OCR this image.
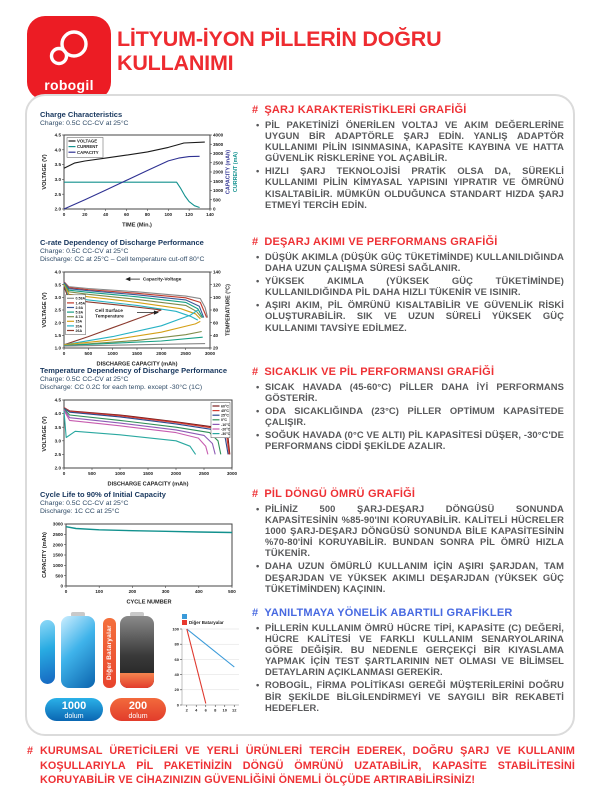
robogil
LİTYUM-İYON PİLLERİN DOĞRU
KULLANIMI
Charge Characteristics
Charge: 0.5C CC-CV at 25°C
0	20	40	60	80	100	120	140
2.0
2.5
3.0
3.5
4.0
4.5
0
500
1000
1500
2000
2500
3000
3500
4000
VOLTAGE (V)
TIME (Min.)
CAPACITY (mAh) CURRENT (mA)
VOLTAGE
CURRENT
CAPACITY
C-rate Dependency of Discharge Performance
Charge: 0.5C CC-CV at 25°C
Discharge: CC at 25°C – Cell temperature cut-off 80°C
0	500	1000	1500	2000	2500	3000
1.0
1.5
2.0
2.5
3.0
3.5
4.0
20
40
60
80
100
120
140
VOLTAGE (V)
DISCHARGE CAPACITY (mAh)
TEMPERATURE (°C)
0.58A
1.45A
2.9A
5.8A
8.7A
15A
20A
26A
Capacity-Voltage
Cell Surface
Temperature
Temperature Dependency of Discharge Performance
Charge: 0.5C CC-CV at 25°C
Discharge: CC 0.2C for each temp. except -30°C (1C)
0	500	1000	1500	2000	2500	3000
2.0
2.5
3.0
3.5
4.0
4.5
VOLTAGE (V)
DISCHARGE CAPACITY (mAh)
60°C
45°C
25°C
0°C
-10°C
-20°C
-30°C
Cycle Life to 90% of Initial Capacity
Charge: 0.5C CC-CV at 25°C
Discharge: 1C CC at 25°C
0	100	200	300	400	500
0
500
1000
1500
2000
2500
3000
CAPACITY (mAh)
CYCLE NUMBER
Diğer Bataryalar
1000
dolum
200
dolum
Diğer Bataryalar
2 4 6 8 10 12
0
20
40
60
80
100
# ŞARJ KARAKTERİSTİKLERİ GRAFİĞİ
• PİL PAKETİNİZİ ÖNERİLEN VOLTAJ VE AKIM DEĞERLERİNE UYGUN BİR ADAPTÖRLE ŞARJ EDİN. YANLIŞ ADAPTÖR KULLANIMI PİLİN ISINMASINA, KAPASİTE KAYBINA VE HATTA GÜVENLİK RİSKLERİNE YOL AÇABİLİR.
• HIZLI ŞARJ TEKNOLOJİSİ PRATİK OLSA DA, SÜREKLİ KULLANIMI PİLİN KİMYASAL YAPISINI YIPRATIR VE ÖMRÜNÜ KISALTABİLİR. MÜMKÜN OLDUĞUNCA STANDART HIZDA ŞARJ ETMEYİ TERCİH EDİN.
# DEŞARJ AKIMI VE PERFORMANS GRAFİĞİ
• DÜŞÜK AKIMLA (DÜŞÜK GÜÇ TÜKETİMİNDE) KULLANILDIĞINDA DAHA UZUN ÇALIŞMA SÜRESİ SAĞLANIR.
• YÜKSEK AKIMLA (YÜKSEK GÜÇ TÜKETİMİNDE) KULLANILDIĞINDA PİL DAHA HIZLI TÜKENİR VE ISINIR.
• AŞIRI AKIM, PİL ÖMRÜNÜ KISALTABİLİR VE GÜVENLİK RİSKİ OLUŞTURABİLİR. SIK VE UZUN SÜRELİ YÜKSEK GÜÇ KULLANIMI TAVSİYE EDİLMEZ.
# SICAKLIK VE PİL PERFORMANSI GRAFİĞİ
• SICAK HAVADA (45-60°C) PİLLER DAHA İYİ PERFORMANS GÖSTERİR.
• ODA SICAKLIĞINDA (23°C) PİLLER OPTİMUM KAPASİTEDE ÇALIŞIR.
• SOĞUK HAVADA (0°C VE ALTI) PİL KAPASİTESİ DÜŞER, -30°C'DE PERFORMANS CİDDİ ŞEKİLDE AZALIR.
# PİL DÖNGÜ ÖMRÜ GRAFİĞİ
• PİLİNİZ 500 ŞARJ-DEŞARJ DÖNGÜSÜ SONUNDA KAPASİTESİNİN %85-90'INI KORUYABİLİR. KALİTELİ HÜCRELER 1000 ŞARJ-DEŞARJ DÖNGÜSÜ SONUNDA BİLE KAPASİTESİNİN %70-80'İNİ KORUYABİLİR. BUNDAN SONRA PİL ÖMRÜ HIZLA TÜKENİR.
• DAHA UZUN ÖMÜRLÜ KULLANIM İÇİN AŞIRI ŞARJDAN, TAM DEŞARJDAN VE YÜKSEK AKIMLI DEŞARJDAN (YÜKSEK GÜÇ TÜKETİMİNDEN) KAÇININ.
# YANILTMAYA YÖNELİK ABARTILI GRAFİKLER
• PİLLERİN KULLANIM ÖMRÜ HÜCRE TİPİ, KAPASİTE (C) DEĞERİ, HÜCRE KALİTESİ VE FARKLI KULLANIM SENARYOLARINA GÖRE DEĞİŞİR. BU NEDENLE GERÇEKÇİ BİR KIYASLAMA YAPMAK İÇİN TEST ŞARTLARININ NET OLMASI VE BİLİMSEL DETAYLARIN AÇIKLANMASI GEREKİR.
• ROBOGİL, FİRMA POLİTİKASI GEREĞİ MÜŞTERİLERİNİ DOĞRU BİR ŞEKİLDE BİLGİLENDİRMEYİ VE SAYGILI BİR REKABETİ HEDEFLER.
# KURUMSAL ÜRETİCİLERİ VE YERLİ ÜRÜNLERİ TERCİH EDEREK, DOĞRU ŞARJ VE KULLANIM KOŞULLARIYLA PİL PAKETİNİZİN DÖNGÜ ÖMRÜNÜ UZATABİLİR, KAPASİTE STABİLİTESİNİ KORUYABİLİR VE CİHAZINIZIN GÜVENLİĞİNİ ÖNEMLİ ÖLÇÜDE ARTIRABİLİRSİNİZ!
